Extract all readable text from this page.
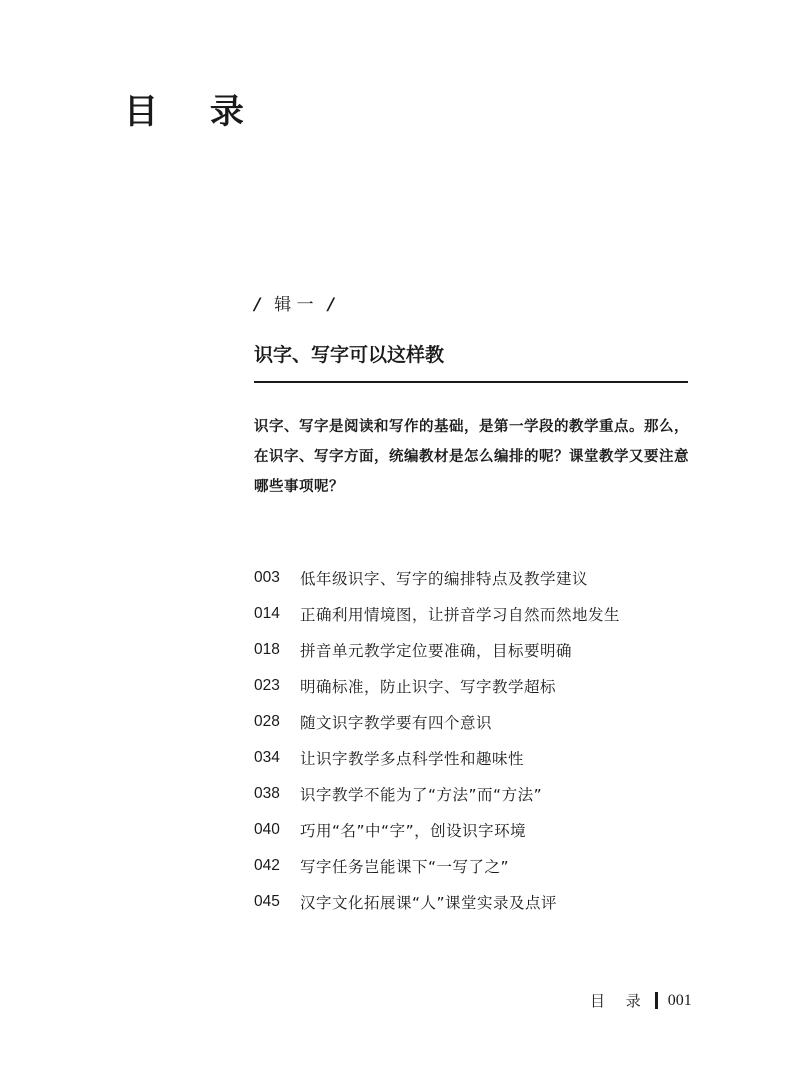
目 录
/ 辑 一 /
识字、写字可以这样教

识字、写字是阅读和写作的基础，是第一学段的教学重点。那么，
在识字、写字方面，统编教材是怎么编排的呢？课堂教学又要注意
哪些事项呢？

003	低年级识字、写字的编排特点及教学建议
014	正确利用情境图，让拼音学习自然而然地发生
018	拼音单元教学定位要准确，目标要明确
023	明确标准，防止识字、写字教学超标
028	随文识字教学要有四个意识
034	让识字教学多点科学性和趣味性
038	识字教学不能为了“方法”而“方法”
040	巧用“名”中“字”，创设识字环境
042	写字任务岂能课下“一写了之”
045	汉字文化拓展课“人”课堂实录及点评
目 录 001
